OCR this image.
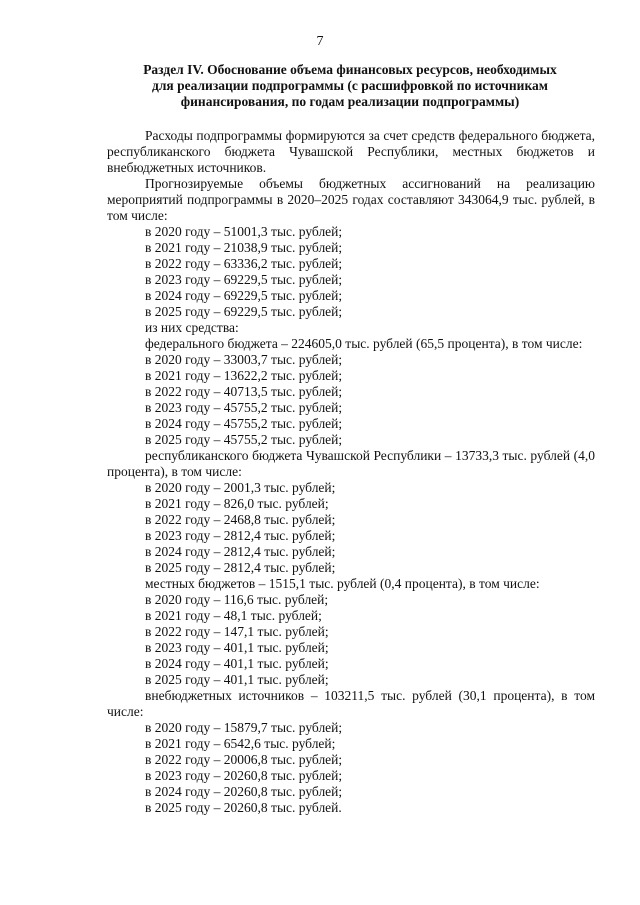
7
Раздел IV. Обоснование объема финансовых ресурсов, необходимых
для реализации подпрограммы (с расшифровкой по источникам
финансирования, по годам реализации подпрограммы)
Расходы подпрограммы формируются за счет средств федерального бюджета, республиканского бюджета Чувашской Республики, местных бюджетов и внебюджетных источников.
Прогнозируемые объемы бюджетных ассигнований на реализацию мероприятий подпрограммы в 2020–2025 годах составляют 343064,9 тыс. рублей, в том числе:
в 2020 году – 51001,3 тыс. рублей;
в 2021 году – 21038,9 тыс. рублей;
в 2022 году – 63336,2 тыс. рублей;
в 2023 году – 69229,5 тыс. рублей;
в 2024 году – 69229,5 тыс. рублей;
в 2025 году – 69229,5 тыс. рублей;
из них средства:
федерального бюджета – 224605,0 тыс. рублей (65,5 процента), в том числе:
в 2020 году – 33003,7 тыс. рублей;
в 2021 году – 13622,2 тыс. рублей;
в 2022 году – 40713,5 тыс. рублей;
в 2023 году – 45755,2 тыс. рублей;
в 2024 году – 45755,2 тыс. рублей;
в 2025 году – 45755,2 тыс. рублей;
республиканского бюджета Чувашской Республики – 13733,3 тыс. рублей (4,0 процента), в том числе:
в 2020 году – 2001,3 тыс. рублей;
в 2021 году – 826,0 тыс. рублей;
в 2022 году – 2468,8 тыс. рублей;
в 2023 году – 2812,4 тыс. рублей;
в 2024 году – 2812,4 тыс. рублей;
в 2025 году – 2812,4 тыс. рублей;
местных бюджетов – 1515,1 тыс. рублей (0,4 процента), в том числе:
в 2020 году – 116,6 тыс. рублей;
в 2021 году – 48,1 тыс. рублей;
в 2022 году – 147,1 тыс. рублей;
в 2023 году – 401,1 тыс. рублей;
в 2024 году – 401,1 тыс. рублей;
в 2025 году – 401,1 тыс. рублей;
внебюджетных источников – 103211,5 тыс. рублей (30,1 процента), в том числе:
в 2020 году – 15879,7 тыс. рублей;
в 2021 году – 6542,6 тыс. рублей;
в 2022 году – 20006,8 тыс. рублей;
в 2023 году – 20260,8 тыс. рублей;
в 2024 году – 20260,8 тыс. рублей;
в 2025 году – 20260,8 тыс. рублей.
